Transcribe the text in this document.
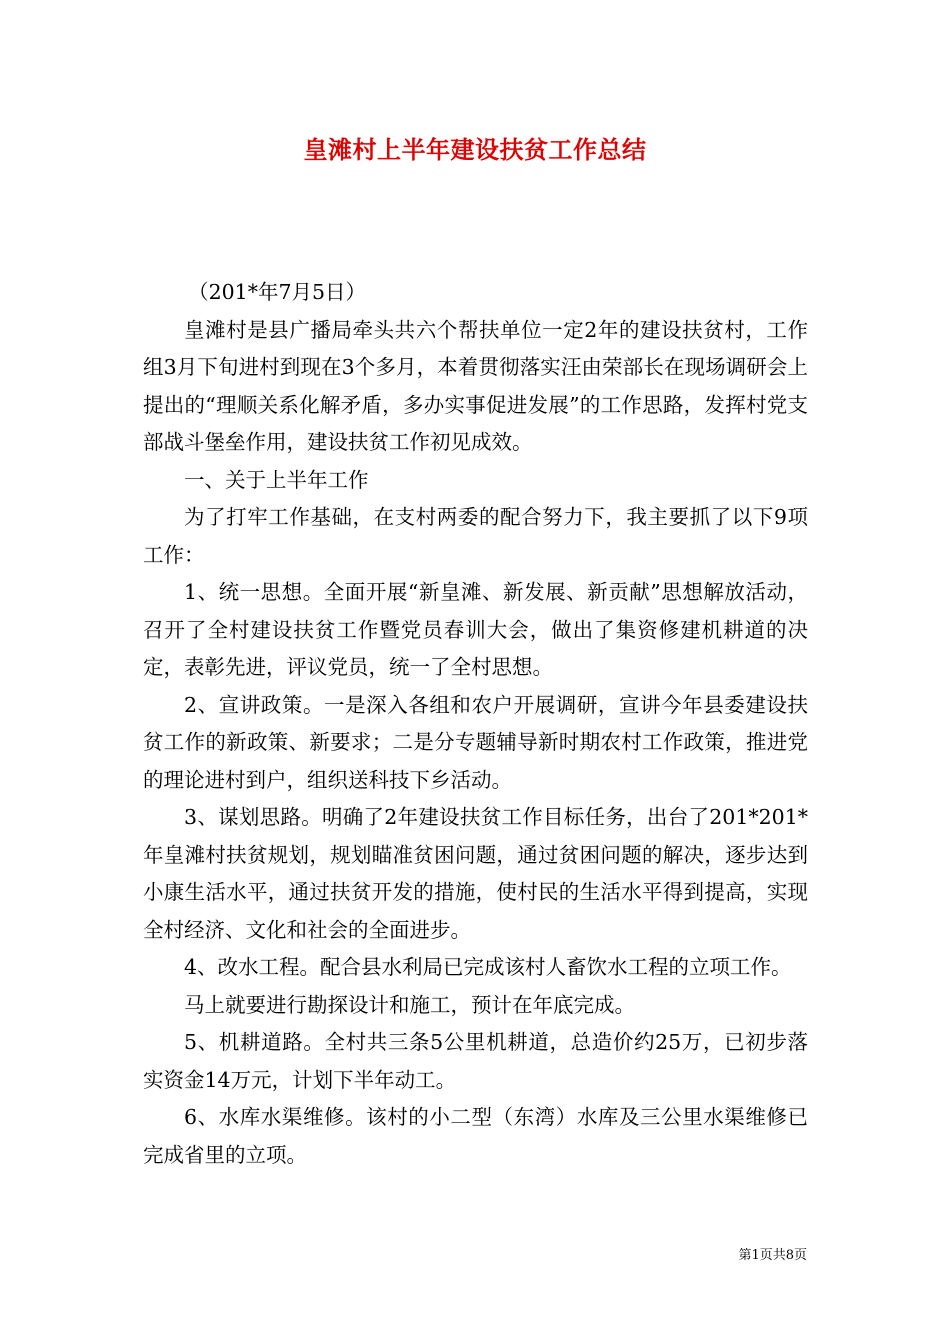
皇滩村上半年建设扶贫工作总结

（201*年7月5日）

皇滩村是县广播局牵头共六个帮扶单位一定2年的建设扶贫村，工作组3月下旬进村到现在3个多月，本着贯彻落实汪由荣部长在现场调研会上提出的“理顺关系化解矛盾，多办实事促进发展”的工作思路，发挥村党支部战斗堡垒作用，建设扶贫工作初见成效。

一、关于上半年工作

为了打牢工作基础，在支村两委的配合努力下，我主要抓了以下9项工作：

1、统一思想。全面开展“新皇滩、新发展、新贡献”思想解放活动，召开了全村建设扶贫工作暨党员春训大会，做出了集资修建机耕道的决定，表彰先进，评议党员，统一了全村思想。

2、宣讲政策。一是深入各组和农户开展调研，宣讲今年县委建设扶贫工作的新政策、新要求；二是分专题辅导新时期农村工作政策，推进党的理论进村到户，组织送科技下乡活动。

3、谋划思路。明确了2年建设扶贫工作目标任务，出台了201*201*年皇滩村扶贫规划，规划瞄准贫困问题，通过贫困问题的解决，逐步达到小康生活水平，通过扶贫开发的措施，使村民的生活水平得到提高，实现全村经济、文化和社会的全面进步。

4、改水工程。配合县水利局已完成该村人畜饮水工程的立项工作。

马上就要进行勘探设计和施工，预计在年底完成。

5、机耕道路。全村共三条5公里机耕道，总造价约25万，已初步落实资金14万元，计划下半年动工。

6、水库水渠维修。该村的小二型（东湾）水库及三公里水渠维修已完成省里的立项。

第1页共8页
